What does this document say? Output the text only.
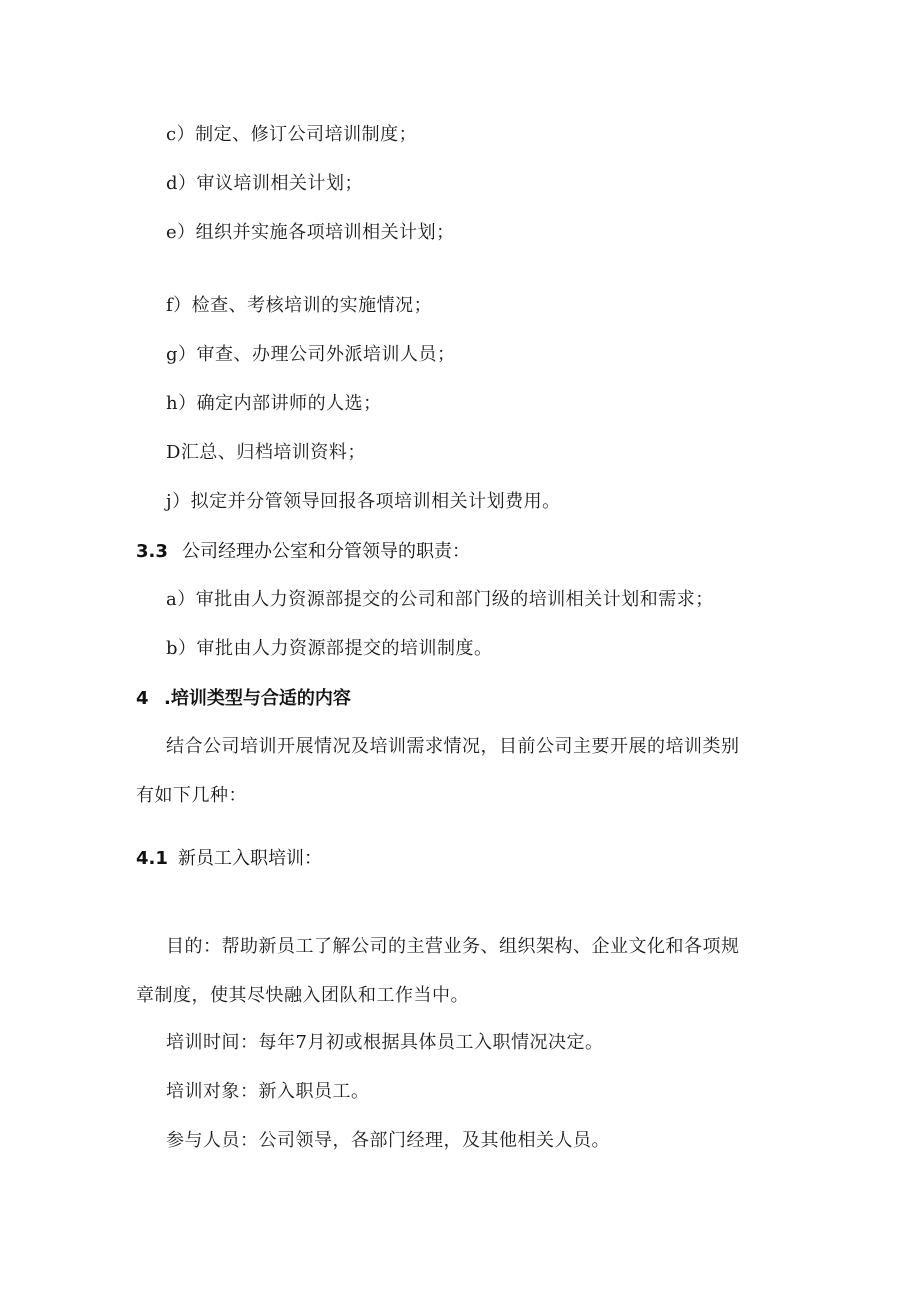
c）制定、修订公司培训制度；
d）审议培训相关计划；
e）组织并实施各项培训相关计划；
f）检查、考核培训的实施情况；
g）审查、办理公司外派培训人员；
h）确定内部讲师的人选；
D汇总、归档培训资料；
j）拟定并分管领导回报各项培训相关计划费用。
3.3 公司经理办公室和分管领导的职责：
a）审批由人力资源部提交的公司和部门级的培训相关计划和需求；
b）审批由人力资源部提交的培训制度。
4 .培训类型与合适的内容
结合公司培训开展情况及培训需求情况，目前公司主要开展的培训类别
有如下几种：
4.1 新员工入职培训：
目的：帮助新员工了解公司的主营业务、组织架构、企业文化和各项规
章制度，使其尽快融入团队和工作当中。
培训时间：每年7月初或根据具体员工入职情况决定。
培训对象：新入职员工。
参与人员：公司领导，各部门经理，及其他相关人员。
